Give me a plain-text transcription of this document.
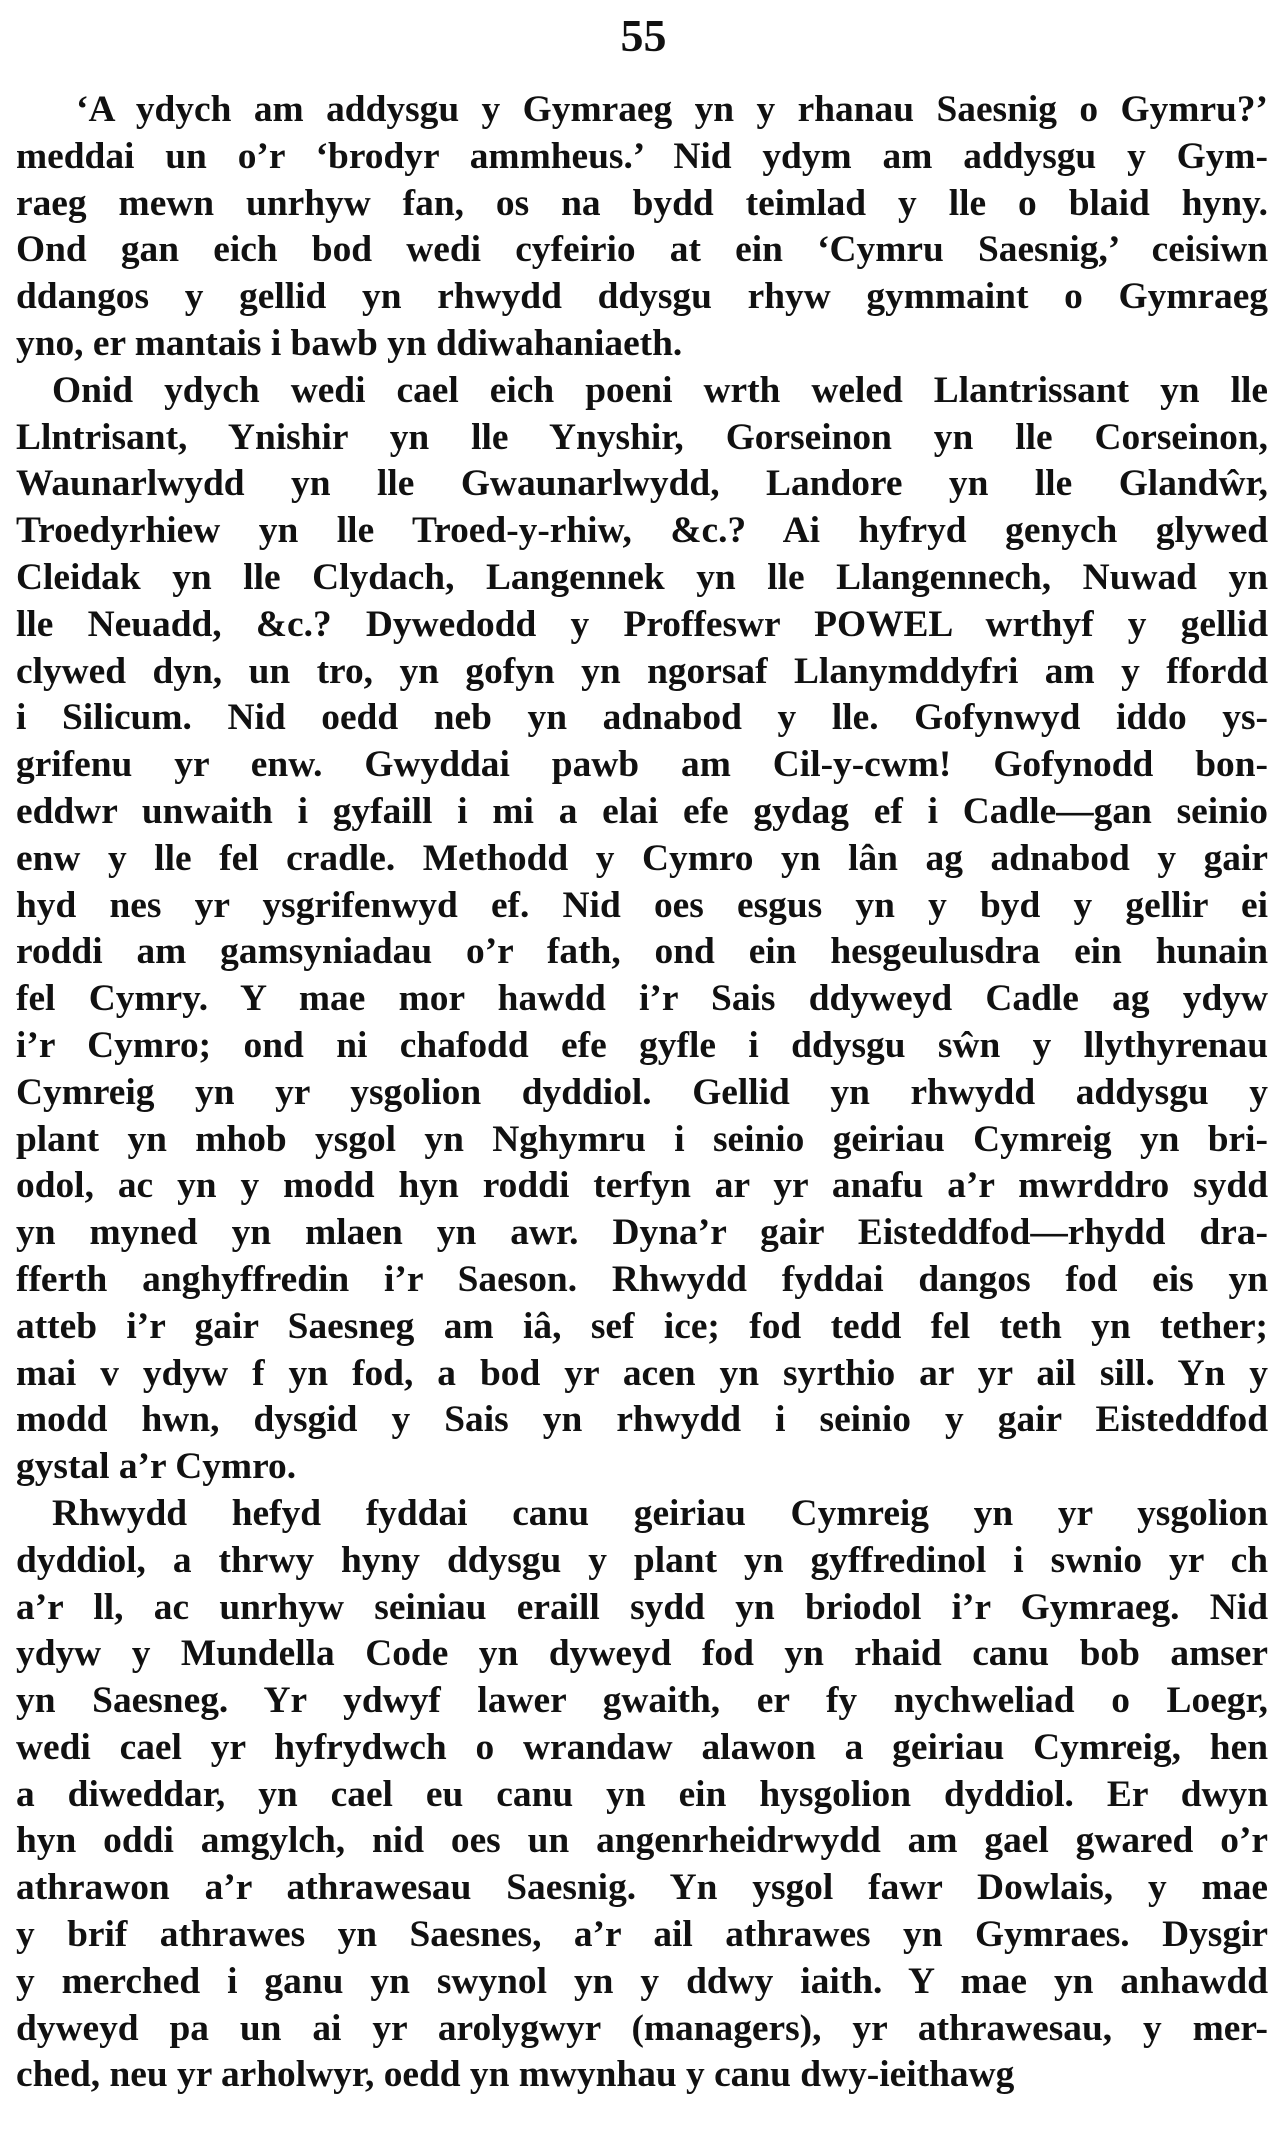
55
‘A ydych am addysgu y Gymraeg yn y rhanau Saesnig o Gymru?’
meddai un o’r ‘brodyr ammheus.’ Nid ydym am addysgu y Gym-
raeg mewn unrhyw fan, os na bydd teimlad y lle o blaid hyny.
Ond gan eich bod wedi cyfeirio at ein ‘Cymru Saesnig,’ ceisiwn
ddangos y gellid yn rhwydd ddysgu rhyw gymmaint o Gymraeg
yno, er mantais i bawb yn ddiwahaniaeth.
Onid ydych wedi cael eich poeni wrth weled Llantrissant yn lle
Llntrisant, Ynishir yn lle Ynyshir, Gorseinon yn lle Corseinon,
Waunarlwydd yn lle Gwaunarlwydd, Landore yn lle Glandŵr,
Troedyrhiew yn lle Troed-y-rhiw, &c.? Ai hyfryd genych glywed
Cleidak yn lle Clydach, Langennek yn lle Llangennech, Nuwad yn
lle Neuadd, &c.? Dywedodd y Proffeswr POWEL wrthyf y gellid
clywed dyn, un tro, yn gofyn yn ngorsaf Llanymddyfri am y ffordd
i Silicum. Nid oedd neb yn adnabod y lle. Gofynwyd iddo ys-
grifenu yr enw. Gwyddai pawb am Cil-y-cwm! Gofynodd bon-
eddwr unwaith i gyfaill i mi a elai efe gydag ef i Cadle—gan seinio
enw y lle fel cradle. Methodd y Cymro yn lân ag adnabod y gair
hyd nes yr ysgrifenwyd ef. Nid oes esgus yn y byd y gellir ei
roddi am gamsyniadau o’r fath, ond ein hesgeulusdra ein hunain
fel Cymry. Y mae mor hawdd i’r Sais ddyweyd Cadle ag ydyw
i’r Cymro; ond ni chafodd efe gyfle i ddysgu sŵn y llythyrenau
Cymreig yn yr ysgolion dyddiol. Gellid yn rhwydd addysgu y
plant yn mhob ysgol yn Nghymru i seinio geiriau Cymreig yn bri-
odol, ac yn y modd hyn roddi terfyn ar yr anafu a’r mwrddro sydd
yn myned yn mlaen yn awr. Dyna’r gair Eisteddfod—rhydd dra-
fferth anghyffredin i’r Saeson. Rhwydd fyddai dangos fod eis yn
atteb i’r gair Saesneg am iâ, sef ice; fod tedd fel teth yn tether;
mai v ydyw f yn fod, a bod yr acen yn syrthio ar yr ail sill. Yn y
modd hwn, dysgid y Sais yn rhwydd i seinio y gair Eisteddfod
gystal a’r Cymro.
Rhwydd hefyd fyddai canu geiriau Cymreig yn yr ysgolion
dyddiol, a thrwy hyny ddysgu y plant yn gyffredinol i swnio yr ch
a’r ll, ac unrhyw seiniau eraill sydd yn briodol i’r Gymraeg. Nid
ydyw y Mundella Code yn dyweyd fod yn rhaid canu bob amser
yn Saesneg. Yr ydwyf lawer gwaith, er fy nychweliad o Loegr,
wedi cael yr hyfrydwch o wrandaw alawon a geiriau Cymreig, hen
a diweddar, yn cael eu canu yn ein hysgolion dyddiol. Er dwyn
hyn oddi amgylch, nid oes un angenrheidrwydd am gael gwared o’r
athrawon a’r athrawesau Saesnig. Yn ysgol fawr Dowlais, y mae
y brif athrawes yn Saesnes, a’r ail athrawes yn Gymraes. Dysgir
y merched i ganu yn swynol yn y ddwy iaith. Y mae yn anhawdd
dyweyd pa un ai yr arolygwyr (managers), yr athrawesau, y mer-
ched, neu yr arholwyr, oedd yn mwynhau y canu dwy-ieithawg
